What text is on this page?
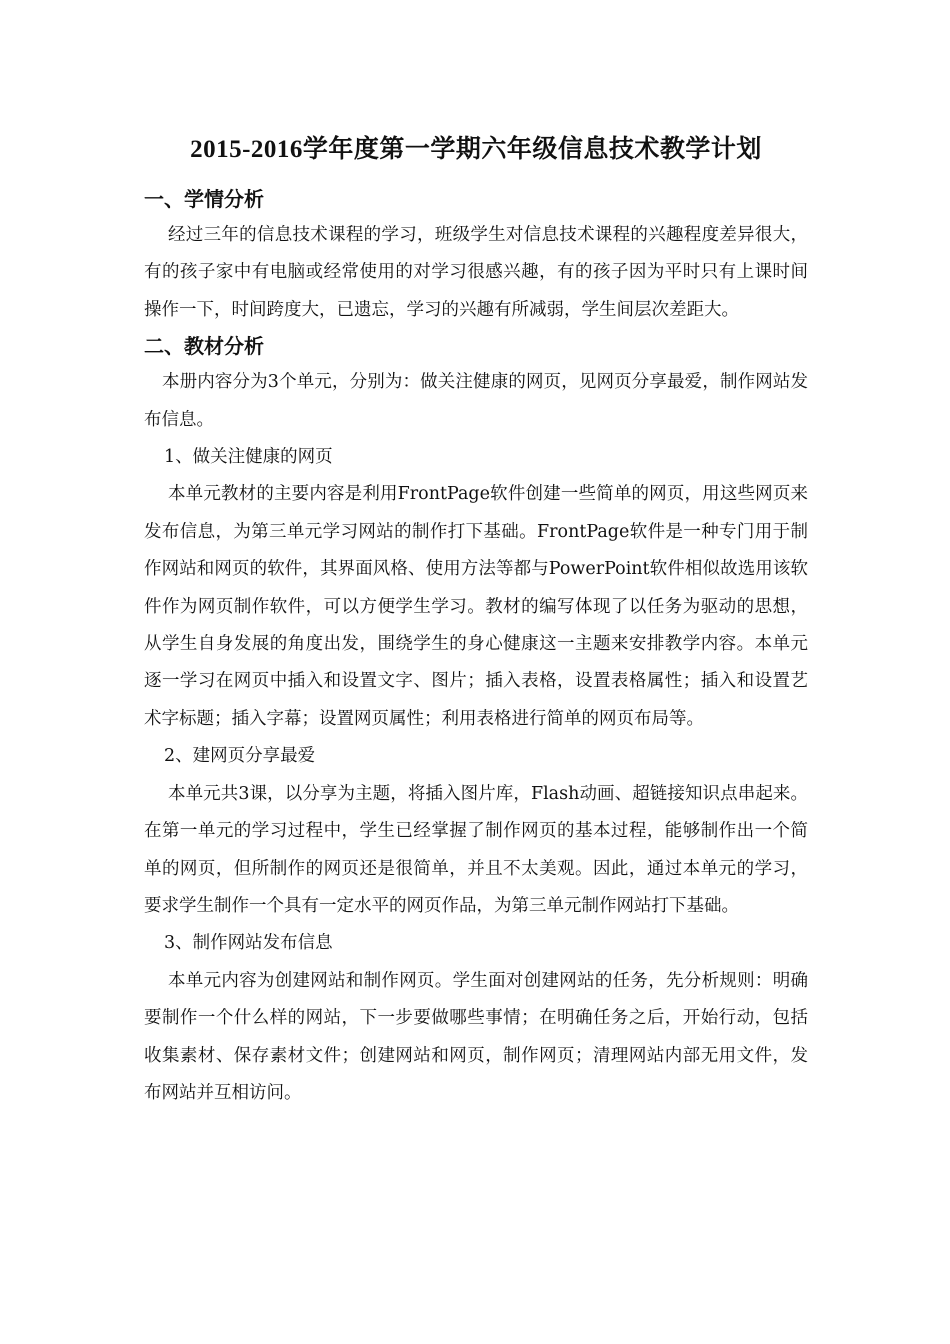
2015-2016学年度第一学期六年级信息技术教学计划
一、学情分析

经过三年的信息技术课程的学习，班级学生对信息技术课程的兴趣程度差异很大，有的孩子家中有电脑或经常使用的对学习很感兴趣，有的孩子因为平时只有上课时间操作一下，时间跨度大，已遗忘，学习的兴趣有所减弱，学生间层次差距大。

二、教材分析

本册内容分为3个单元，分别为：做关注健康的网页，见网页分享最爱，制作网站发布信息。

1、做关注健康的网页

本单元教材的主要内容是利用FrontPage软件创建一些简单的网页，用这些网页来发布信息，为第三单元学习网站的制作打下基础。FrontPage软件是一种专门用于制作网站和网页的软件，其界面风格、使用方法等都与PowerPoint软件相似故选用该软件作为网页制作软件，可以方便学生学习。教材的编写体现了以任务为驱动的思想，从学生自身发展的角度出发，围绕学生的身心健康这一主题来安排教学内容。本单元逐一学习在网页中插入和设置文字、图片；插入表格，设置表格属性；插入和设置艺术字标题；插入字幕；设置网页属性；利用表格进行简单的网页布局等。

2、建网页分享最爱

本单元共3课，以分享为主题，将插入图片库，Flash动画、超链接知识点串起来。在第一单元的学习过程中，学生已经掌握了制作网页的基本过程，能够制作出一个简单的网页，但所制作的网页还是很简单，并且不太美观。因此，通过本单元的学习，要求学生制作一个具有一定水平的网页作品，为第三单元制作网站打下基础。

3、制作网站发布信息

本单元内容为创建网站和制作网页。学生面对创建网站的任务，先分析规则：明确要制作一个什么样的网站，下一步要做哪些事情；在明确任务之后，开始行动，包括收集素材、保存素材文件；创建网站和网页，制作网页；清理网站内部无用文件，发布网站并互相访问。
